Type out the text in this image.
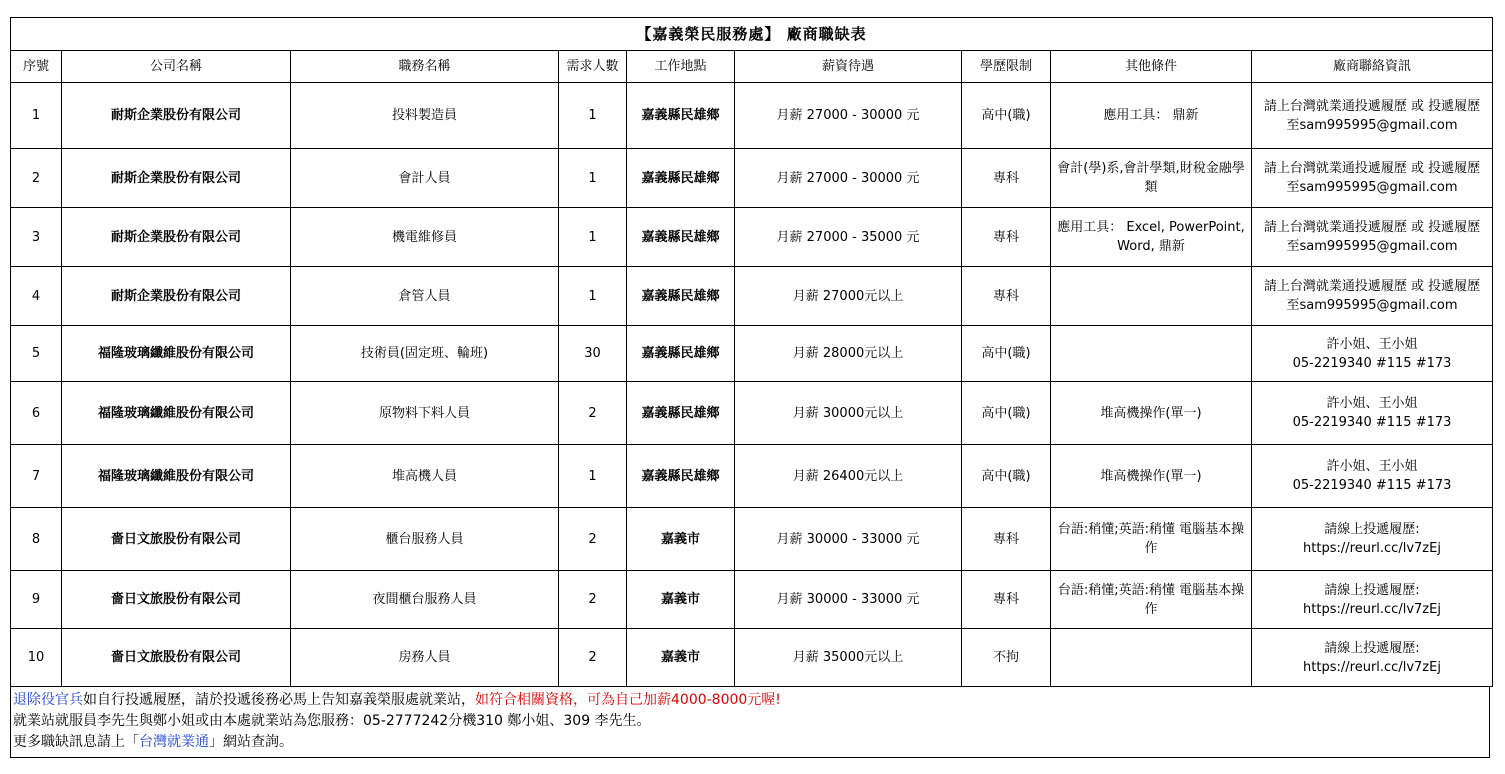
【嘉義榮民服務處】 廠商職缺表								
序號	公司名稱	職務名稱	需求人數	工作地點	薪資待遇	學歷限制	其他條件	廠商聯絡資訊
1	耐斯企業股份有限公司	投料製造員	1	嘉義縣民雄鄉	月薪 27000 - 30000 元	高中(職)	應用工具： 鼎新	請上台灣就業通投遞履歷 或 投遞履歷
至sam995995@gmail.com

2	耐斯企業股份有限公司	會計人員	1	嘉義縣民雄鄉	月薪 27000 - 30000 元	專科	會計(學)系,會計學類,財稅金融學類	請上台灣就業通投遞履歷 或 投遞履歷
至sam995995@gmail.com

3	耐斯企業股份有限公司	機電維修員	1	嘉義縣民雄鄉	月薪 27000 - 35000 元	專科	應用工具： Excel, PowerPoint, Word, 鼎新	請上台灣就業通投遞履歷 或 投遞履歷
至sam995995@gmail.com

4	耐斯企業股份有限公司	倉管人員	1	嘉義縣民雄鄉	月薪 27000元以上	專科		請上台灣就業通投遞履歷 或 投遞履歷
至sam995995@gmail.com

5	福隆玻璃纖維股份有限公司	技術員(固定班、輪班)	30	嘉義縣民雄鄉	月薪 28000元以上	高中(職)		許小姐、王小姐
05-2219340 #115 #173

6	福隆玻璃纖維股份有限公司	原物料下料人員	2	嘉義縣民雄鄉	月薪 30000元以上	高中(職)	堆高機操作(單一)	許小姐、王小姐
05-2219340 #115 #173

7	福隆玻璃纖維股份有限公司	堆高機人員	1	嘉義縣民雄鄉	月薪 26400元以上	高中(職)	堆高機操作(單一)	許小姐、王小姐
05-2219340 #115 #173

8	嗇日文旅股份有限公司	櫃台服務人員	2	嘉義市	月薪 30000 - 33000 元	專科	台語:稍懂;英語:稍懂 電腦基本操作	請線上投遞履歷:
https://reurl.cc/lv7zEj

9	嗇日文旅股份有限公司	夜間櫃台服務人員	2	嘉義市	月薪 30000 - 33000 元	專科	台語:稍懂;英語:稍懂 電腦基本操作	請線上投遞履歷:
https://reurl.cc/lv7zEj

10	嗇日文旅股份有限公司	房務人員	2	嘉義市	月薪 35000元以上	不拘		請線上投遞履歷:
https://reurl.cc/lv7zEj
退除役官兵如自行投遞履歷，請於投遞後務必馬上告知嘉義榮服處就業站，如符合相關資格，可為自己加薪4000-8000元喔!
就業站就服員李先生與鄭小姐或由本處就業站為您服務：05-2777242分機310 鄭小姐、309 李先生。
更多職缺訊息請上「台灣就業通」網站查詢。
